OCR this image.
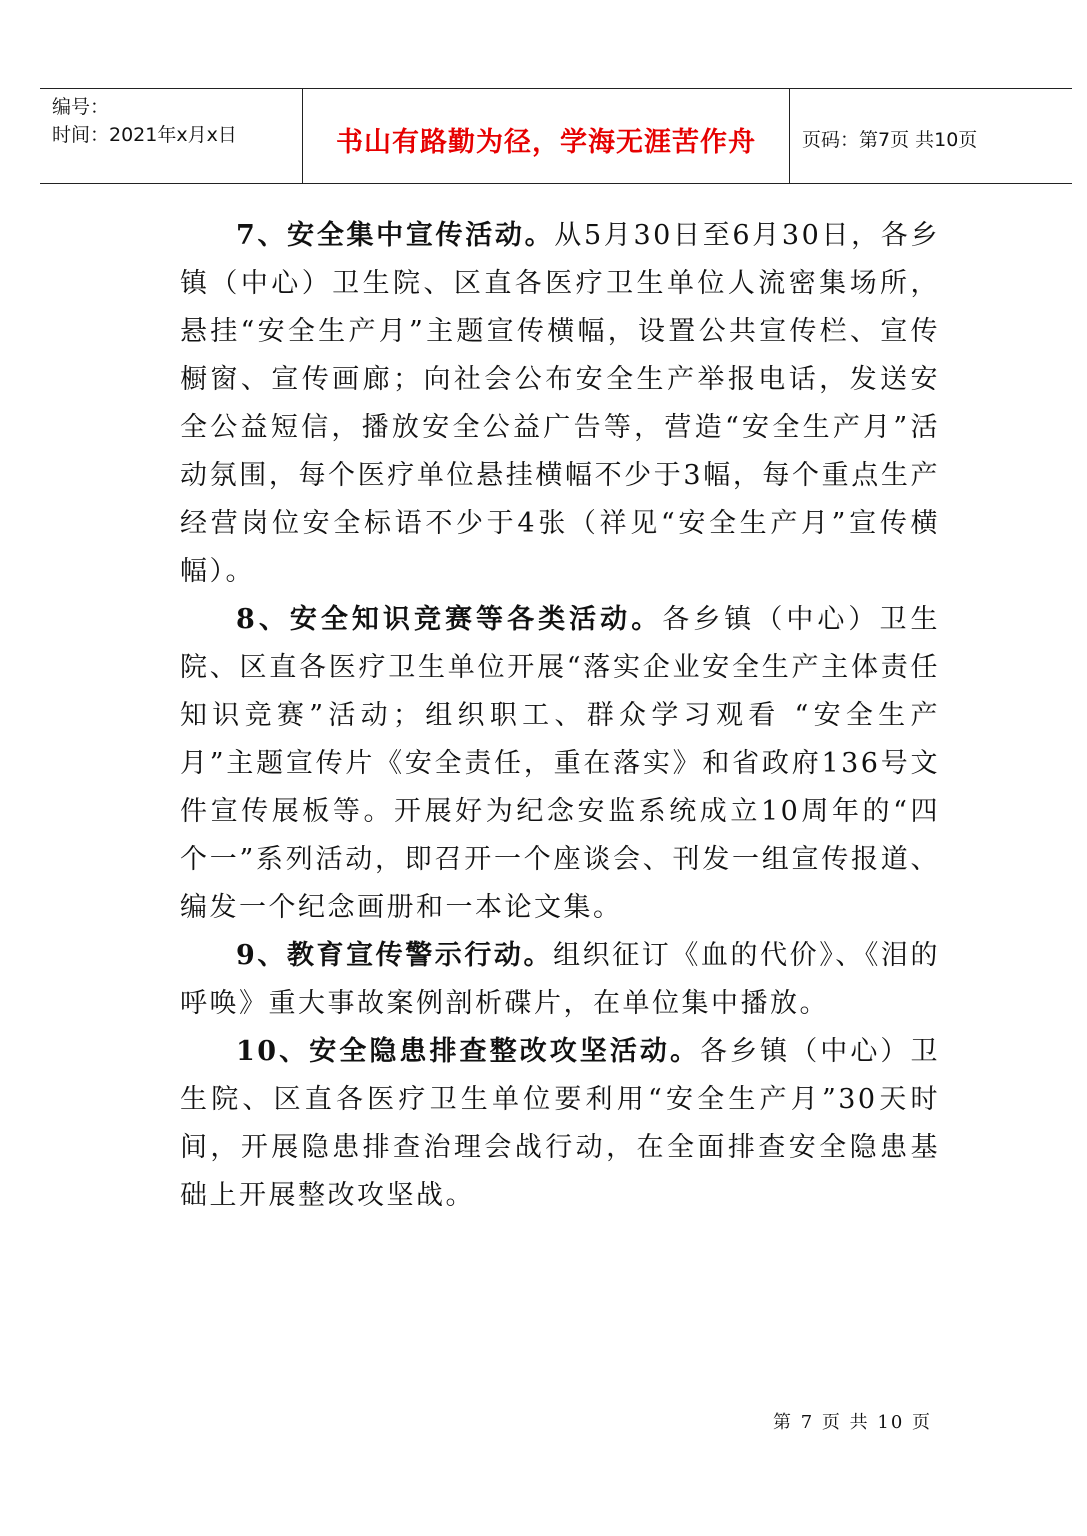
编号：
时间：2021年x月x日	书山有路勤为径，学海无涯苦作舟	页码：第7页 共10页

7、安全集中宣传活动。从5月30日至6月30日，各乡镇（中心）卫生院、区直各医疗卫生单位人流密集场所，悬挂“安全生产月”主题宣传横幅，设置公共宣传栏、宣传橱窗、宣传画廊；向社会公布安全生产举报电话，发送安全公益短信，播放安全公益广告等，营造“安全生产月”活动氛围，每个医疗单位悬挂横幅不少于3幅，每个重点生产经营岗位安全标语不少于4张（祥见“安全生产月”宣传横幅）。

8、安全知识竞赛等各类活动。各乡镇（中心）卫生院、区直各医疗卫生单位开展“落实企业安全生产主体责任知识竞赛”活动；组织职工、群众学习观看 “安全生产月”主题宣传片《安全责任，重在落实》和省政府136号文件宣传展板等。开展好为纪念安监系统成立10周年的“四个一”系列活动，即召开一个座谈会、刊发一组宣传报道、编发一个纪念画册和一本论文集。

9、教育宣传警示行动。组织征订《血的代价》、《泪的呼唤》重大事故案例剖析碟片，在单位集中播放。

10、安全隐患排查整改攻坚活动。各乡镇（中心）卫生院、区直各医疗卫生单位要利用“安全生产月”30天时间，开展隐患排查治理会战行动，在全面排查安全隐患基础上开展整改攻坚战。

第 7 页 共 10 页
